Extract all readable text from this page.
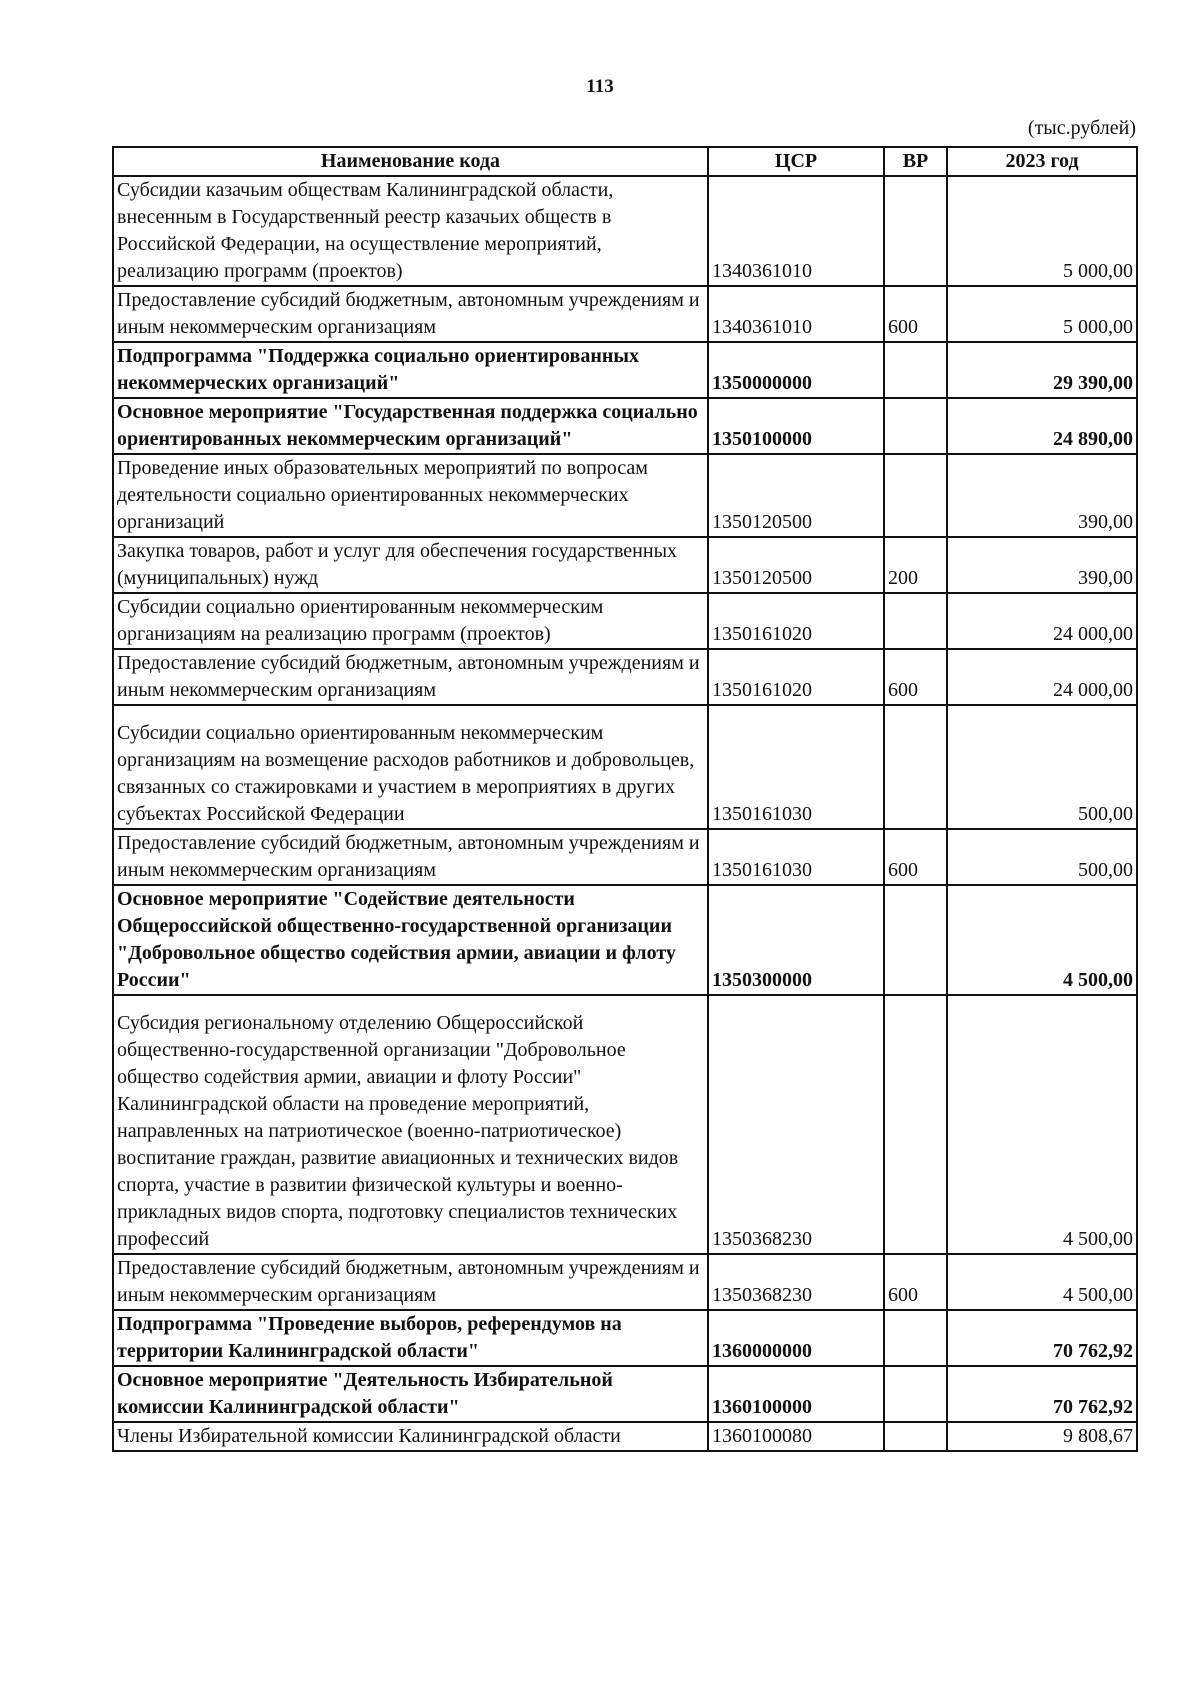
113
(тыс.рублей)
Наименование кода	ЦСР	ВР	2023 год
Субсидии казачьим обществам Калининградской области, внесенным в Государственный реестр казачьих обществ в Российской Федерации, на осуществление мероприятий, реализацию программ (проектов)	1340361010		5 000,00
Предоставление субсидий бюджетным, автономным учреждениям и иным некоммерческим организациям	1340361010	600	5 000,00
Подпрограмма "Поддержка социально ориентированных некоммерческих организаций"	1350000000		29 390,00
Основное мероприятие "Государственная поддержка социально ориентированных некоммерческим организаций"	1350100000		24 890,00
Проведение иных образовательных мероприятий по вопросам деятельности социально ориентированных некоммерческих организаций	1350120500		390,00
Закупка товаров, работ и услуг для обеспечения государственных (муниципальных) нужд	1350120500	200	390,00
Субсидии социально ориентированным некоммерческим организациям на реализацию программ (проектов)	1350161020		24 000,00
Предоставление субсидий бюджетным, автономным учреждениям и иным некоммерческим организациям	1350161020	600	24 000,00
Субсидии социально ориентированным некоммерческим организациям на возмещение расходов работников и добровольцев, связанных со стажировками и участием в мероприятиях в других субъектах Российской Федерации	1350161030		500,00
Предоставление субсидий бюджетным, автономным учреждениям и иным некоммерческим организациям	1350161030	600	500,00
Основное мероприятие "Содействие деятельности Общероссийской общественно-государственной организации "Добровольное общество содействия армии, авиации и флоту России"	1350300000		4 500,00
Субсидия региональному отделению Общероссийской общественно-государственной организации "Добровольное общество содействия армии, авиации и флоту России" Калининградской области на проведение мероприятий, направленных на патриотическое (военно-патриотическое) воспитание граждан, развитие авиационных и технических видов спорта, участие в развитии физической культуры и военно-прикладных видов спорта, подготовку специалистов технических профессий	1350368230		4 500,00
Предоставление субсидий бюджетным, автономным учреждениям и иным некоммерческим организациям	1350368230	600	4 500,00
Подпрограмма "Проведение выборов, референдумов на территории Калининградской области"	1360000000		70 762,92
Основное мероприятие "Деятельность Избирательной комиссии Калининградской области"	1360100000		70 762,92
Члены Избирательной комиссии Калининградской области	1360100080		9 808,67
